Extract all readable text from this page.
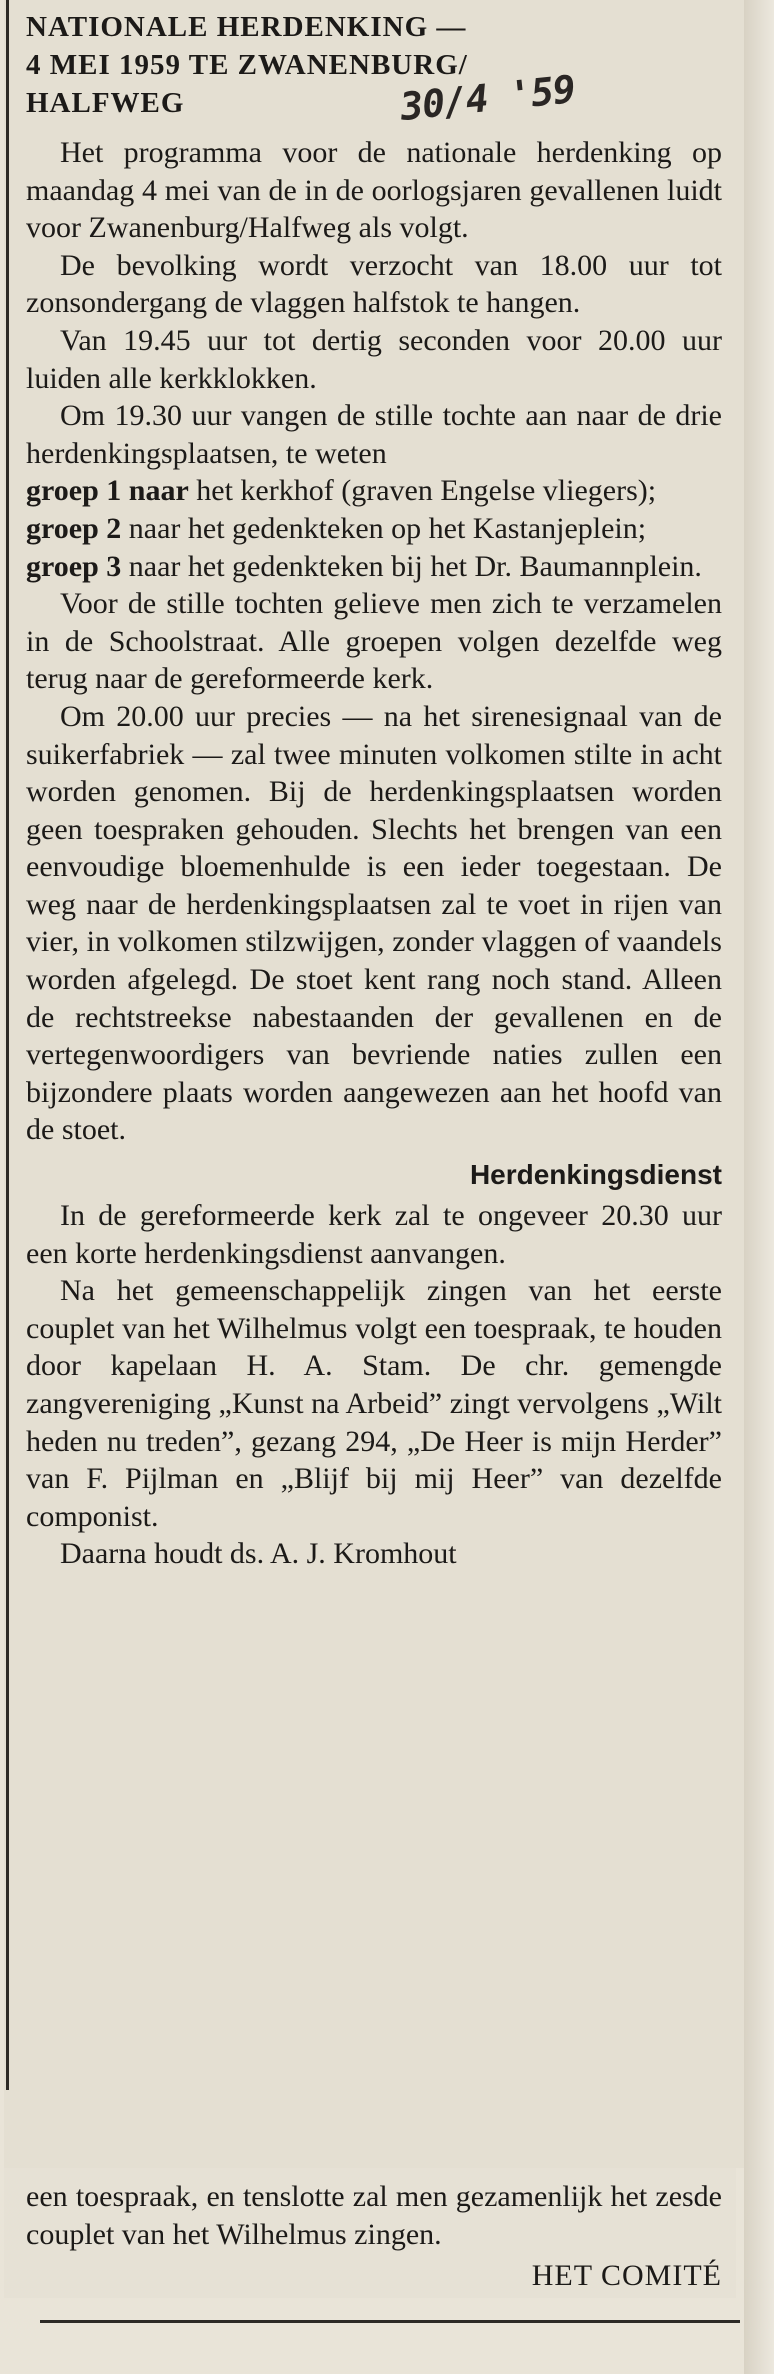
NATIONALE HERDENKING —
4 MEI 1959 TE ZWANENBURG/
HALFWEG	30/4 '59
Het programma voor de nationale herdenking op maandag 4 mei van de in de oorlogsjaren gevallenen luidt voor Zwanenburg/Halfweg als volgt.
De bevolking wordt verzocht van 18.00 uur tot zonsondergang de vlaggen halfstok te hangen.
Van 19.45 uur tot dertig seconden voor 20.00 uur luiden alle kerkklokken.
Om 19.30 uur vangen de stille tochte aan naar de drie herdenkingsplaatsen, te weten
groep 1 naar het kerkhof (graven Engelse vliegers);
groep 2 naar het gedenkteken op het Kastanjeplein;
groep 3 naar het gedenkteken bij het Dr. Baumannplein.
Voor de stille tochten gelieve men zich te verzamelen in de Schoolstraat. Alle groepen volgen dezelfde weg terug naar de gereformeerde kerk.
Om 20.00 uur precies — na het sirenesignaal van de suikerfabriek — zal twee minuten volkomen stilte in acht worden genomen. Bij de herdenkingsplaatsen worden geen toespraken gehouden. Slechts het brengen van een eenvoudige bloemenhulde is een ieder toegestaan. De weg naar de herdenkingsplaatsen zal te voet in rijen van vier, in volkomen stilzwijgen, zonder vlaggen of vaandels worden afgelegd. De stoet kent rang noch stand. Alleen de rechtstreekse nabestaanden der gevallenen en de vertegenwoordigers van bevriende naties zullen een bijzondere plaats worden aangewezen aan het hoofd van de stoet.
Herdenkingsdienst
In de gereformeerde kerk zal te ongeveer 20.30 uur een korte herdenkingsdienst aanvangen.
Na het gemeenschappelijk zingen van het eerste couplet van het Wilhelmus volgt een toespraak, te houden door kapelaan H. A. Stam. De chr. gemengde zangvereniging „Kunst na Arbeid” zingt vervolgens „Wilt heden nu treden”, gezang 294, „De Heer is mijn Herder” van F. Pijlman en „Blijf bij mij Heer” van dezelfde componist.
Daarna houdt ds. A. J. Kromhout
een toespraak, en tenslotte zal men gezamenlijk het zesde couplet van het Wilhelmus zingen.
HET COMITÉ
